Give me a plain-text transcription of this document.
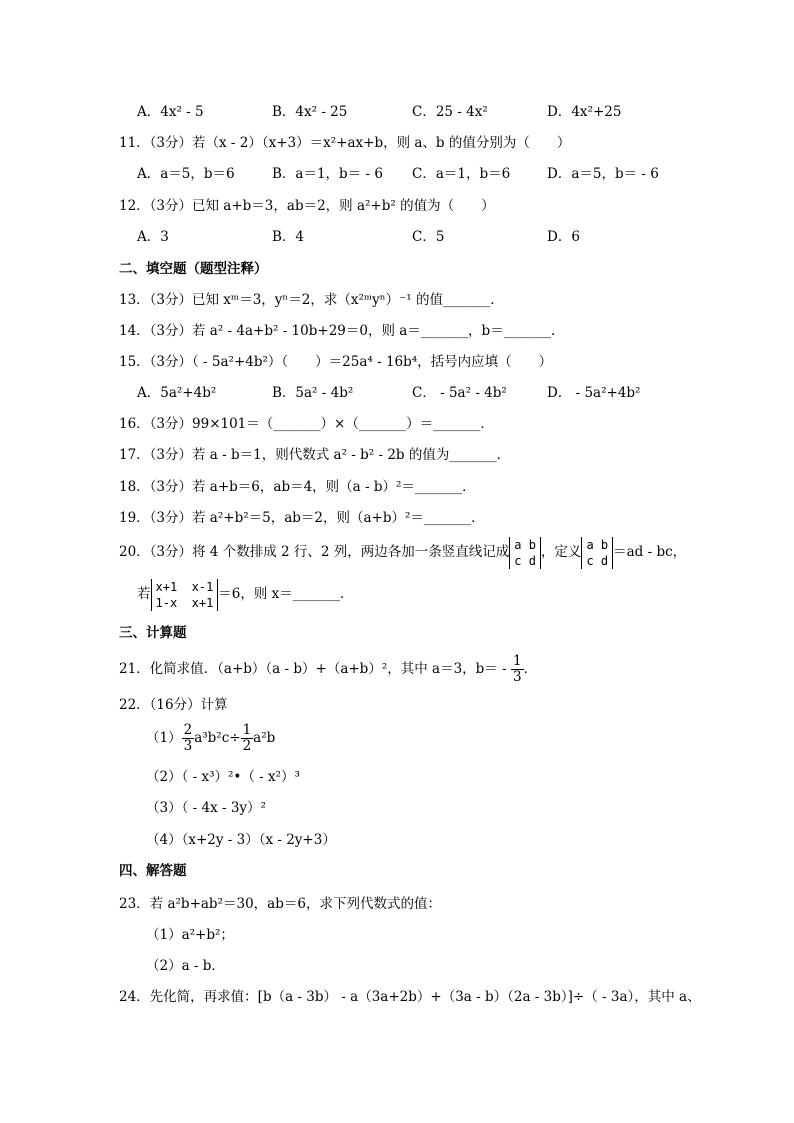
A．4x² - 5	B．4x² - 25	C．25 - 4x²	D．4x²+25
11．（3分）若（x - 2）（x+3）＝x²+ax+b，则 a、b 的值分别为（　　）
A．a＝5，b＝6	B．a＝1，b＝ - 6 C．a＝1，b＝6	D．a＝5，b＝ - 6
12．（3分）已知 a+b＝3，ab＝2，则 a²+b² 的值为（　　）
A．3	B．4	C．5	D．6
二、填空题（题型注释）
13．（3分）已知 xᵐ＝3，yⁿ＝2，求（x²ᵐyⁿ）⁻¹ 的值_______．
14．（3分）若 a² - 4a+b² - 10b+29＝0，则 a＝_______，b＝_______．
15．（3分）（ - 5a²+4b²）（　　）＝25a⁴ - 16b⁴，括号内应填（　　）
A．5a²+4b²	B．5a² - 4b²	C． - 5a² - 4b²	D． - 5a²+4b²
16．（3分）99×101＝（_______）×（_______）＝_______．
17．（3分）若 a - b＝1，则代数式 a² - b² - 2b 的值为_______．
18．（3分）若 a+b＝6，ab＝4，则（a - b）²＝_______．
19．（3分）若 a²+b²＝5，ab＝2，则（a+b）²＝_______．
20．（3分）将 4 个数排成 2 行、2 列，两边各加一条竖直线记成 a b
c d
，定义 a b
c d
＝ad - bc，
若 x+1  x-1
1-x  x+1
＝6，则 x＝_______．
三、计算题
21．化简求值．（a+b）（a - b）+（a+b）²，其中 a＝3，$b= - \frac{1}{3}$ ．
22．（16分）计算
$(1) \frac{2}{3} a^3b^2c\div \frac{1}{2} a^2b$
（2）（ - x³）²•（ - x²）³
（3）（ - 4x - 3y）²
（4）（x+2y - 3）（x - 2y+3）
四、解答题
23．若 a²b+ab²＝30，ab＝6，求下列代数式的值：
（1）a²+b²；
（2）a - b．
24．先化简，再求值：[b（a - 3b） - a（3a+2b）+（3a - b）（2a - 3b）]÷（ - 3a），其中 a、
